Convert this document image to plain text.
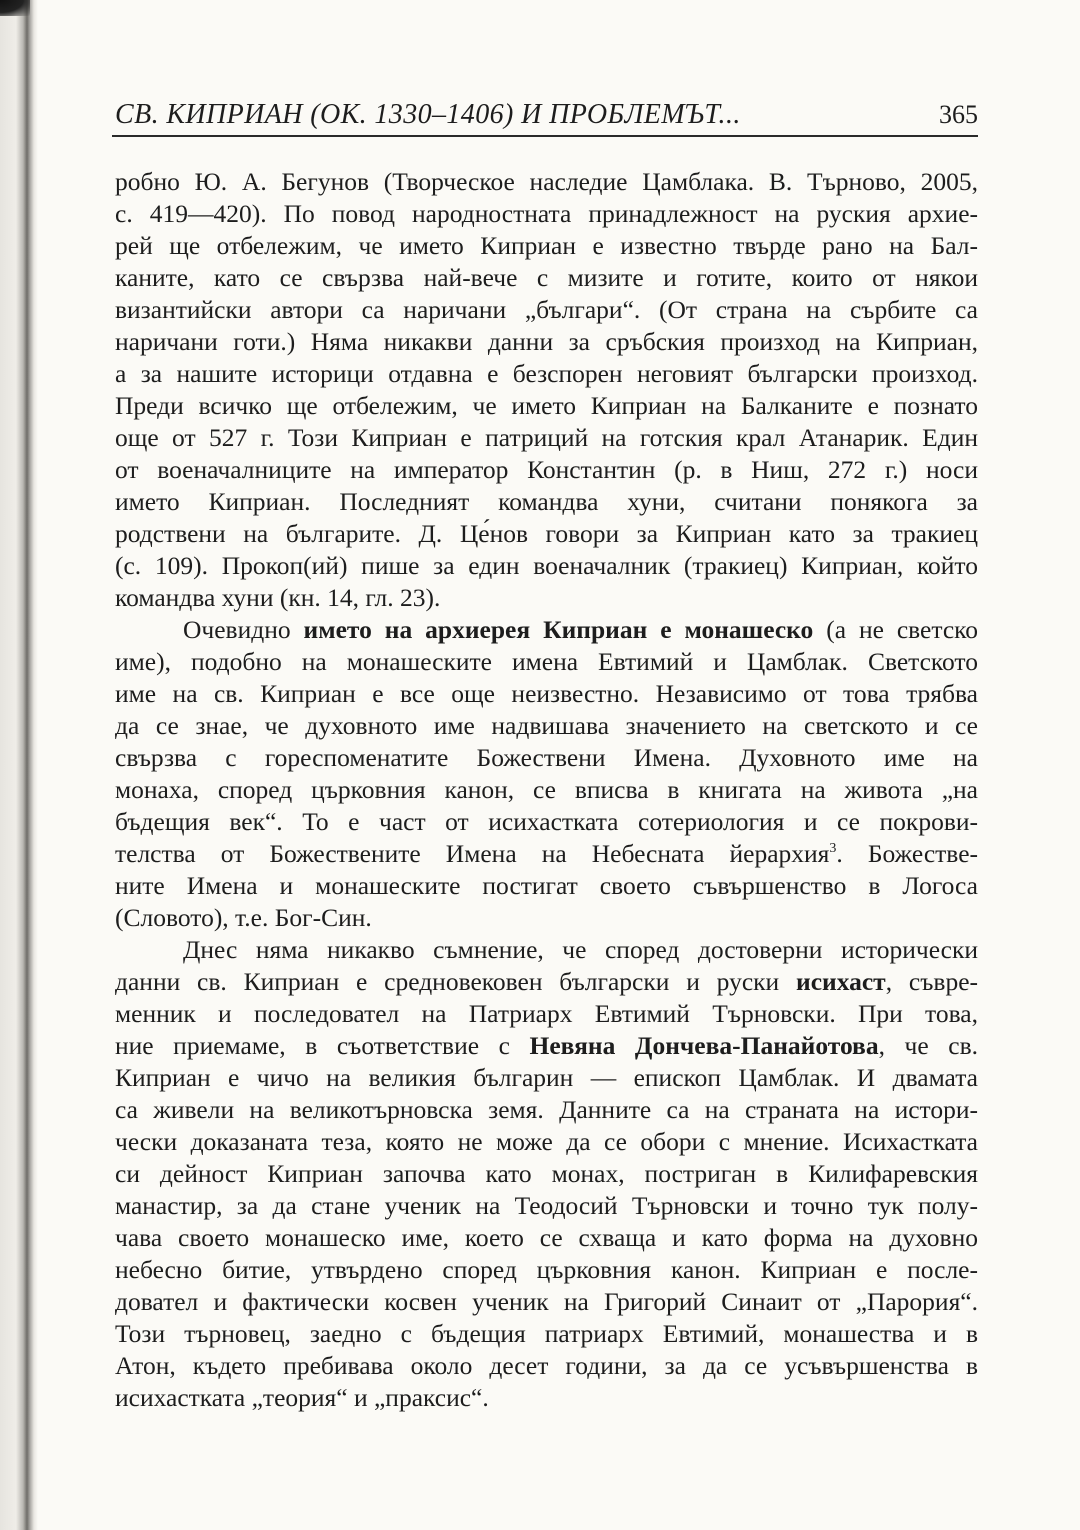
СВ. КИПРИАН (ОК. 1330–1406) И ПРОБЛЕМЪТ...	365
робно Ю. А. Бегунов (Творческое наследие Цамблака. В. Търново, 2005,
с. 419—420). По повод народностната принадлежност на руския архие-
рей ще отбележим, че името Киприан е известно твърде рано на Бал-
каните, като се свързва най-вече с мизите и готите, които от някои
византийски автори са наричани „българи“. (От страна на сърбите са
наричани готи.) Няма никакви данни за сръбския произход на Киприан,
а за нашите историци отдавна е безспорен неговият български произход.
Преди всичко ще отбележим, че името Киприан на Балканите е познато
още от 527 г. Този Киприан е патриций на готския крал Атанарик. Един
от военачалниците на император Константин (р. в Ниш, 272 г.) носи
името Киприан. Последният командва хуни, считани понякога за
родствени на българите. Д. Це́нов говори за Киприан като за тракиец
(с. 109). Прокоп(ий) пише за един военачалник (тракиец) Киприан, който
командва хуни (кн. 14, гл. 23).
Очевидно името на архиерея Киприан е монашеско (а не светско
име), подобно на монашеските имена Евтимий и Цамблак. Светското
име на св. Киприан е все още неизвестно. Независимо от това трябва
да се знае, че духовното име надвишава значението на светското и се
свързва с гореспоменатите Божествени Имена. Духовното име на
монаха, според църковния канон, се вписва в книгата на живота „на
бъдещия век“. То е част от исихастката сотериология и се покрови-
телства от Божествените Имена на Небесната йерархия$^3$. Божестве-
ните Имена и монашеските постигат своето съвършенство в Логоса
(Словото), т.е. Бог-Син.
Днес няма никакво съмнение, че според достоверни исторически
данни св. Киприан е средновековен български и руски исихаст, съвре-
менник и последовател на Патриарх Евтимий Търновски. При това,
ние приемаме, в съответствие с Невяна Дончева-Панайотова, че св.
Киприан е чичо на великия българин — епископ Цамблак. И двамата
са живели на великотърновска земя. Данните са на страната на истори-
чески доказаната теза, която не може да се обори с мнение. Исихастката
си дейност Киприан започва като монах, постриган в Килифаревския
манастир, за да стане ученик на Теодосий Търновски и точно тук полу-
чава своето монашеско име, което се схваща и като форма на духовно
небесно битие, утвърдено според църковния канон. Киприан е после-
довател и фактически косвен ученик на Григорий Синаит от „Парория“.
Този търновец, заедно с бъдещия патриарх Евтимий, монашества и в
Атон, където пребивава около десет години, за да се усъвършенства в
исихастката „теория“ и „праксис“.
